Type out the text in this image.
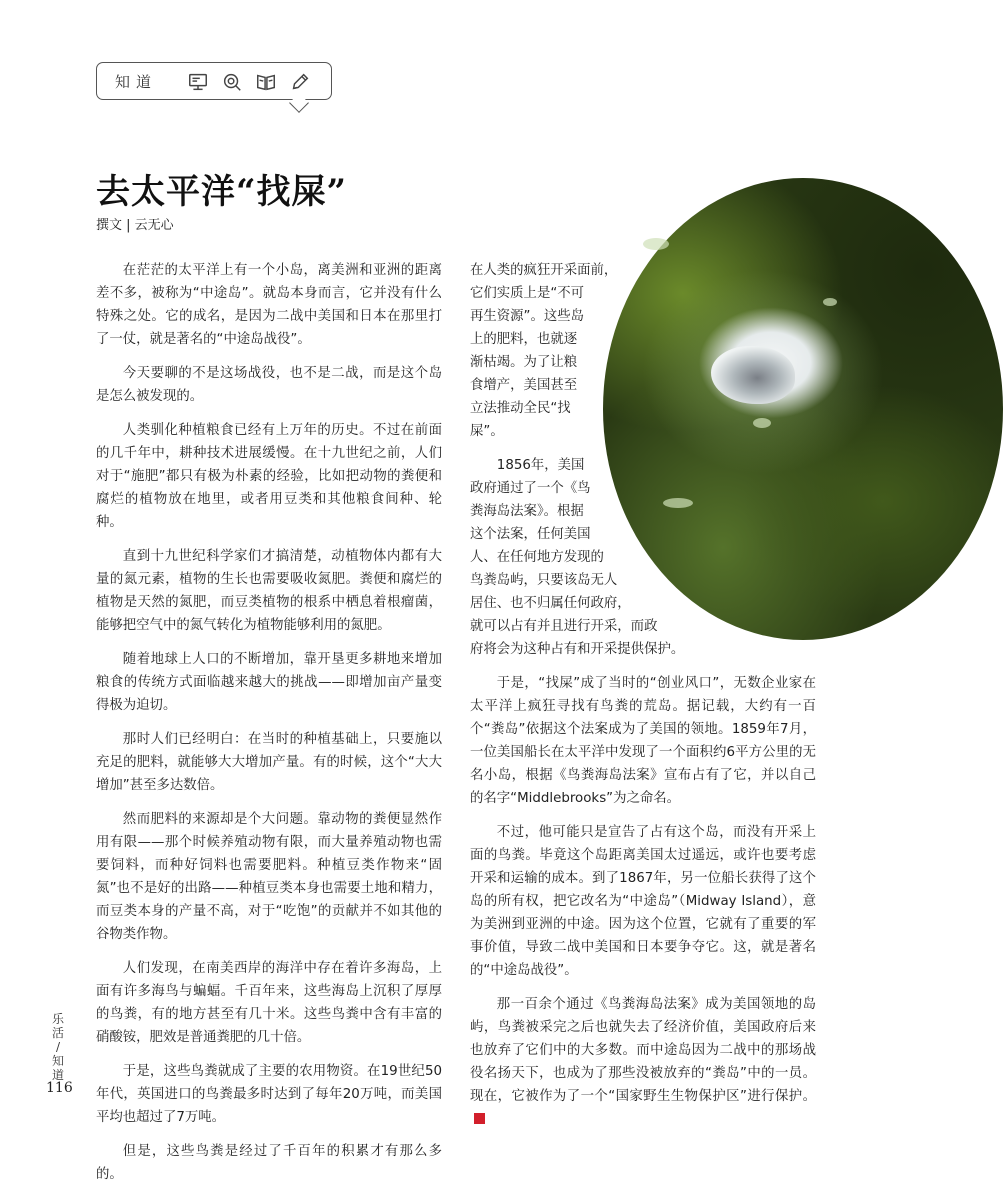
知道
去太平洋“找屎”
撰文 | 云无心

在茫茫的太平洋上有一个小岛，离美洲和亚洲的距离差不多，被称为“中途岛”。就岛本身而言，它并没有什么特殊之处。它的成名，是因为二战中美国和日本在那里打了一仗，就是著名的“中途岛战役”。

今天要聊的不是这场战役，也不是二战，而是这个岛是怎么被发现的。

人类驯化种植粮食已经有上万年的历史。不过在前面的几千年中，耕种技术进展缓慢。在十九世纪之前，人们对于“施肥”都只有极为朴素的经验，比如把动物的粪便和腐烂的植物放在地里，或者用豆类和其他粮食间种、轮种。

直到十九世纪科学家们才搞清楚，动植物体内都有大量的氮元素，植物的生长也需要吸收氮肥。粪便和腐烂的植物是天然的氮肥，而豆类植物的根系中栖息着根瘤菌，能够把空气中的氮气转化为植物能够利用的氮肥。

随着地球上人口的不断增加，靠开垦更多耕地来增加粮食的传统方式面临越来越大的挑战——即增加亩产量变得极为迫切。

那时人们已经明白：在当时的种植基础上，只要施以充足的肥料，就能够大大增加产量。有的时候，这个“大大增加”甚至多达数倍。

然而肥料的来源却是个大问题。靠动物的粪便显然作用有限——那个时候养殖动物有限，而大量养殖动物也需要饲料，而种好饲料也需要肥料。种植豆类作物来“固氮”也不是好的出路——种植豆类本身也需要土地和精力，而豆类本身的产量不高，对于“吃饱”的贡献并不如其他的谷物类作物。

人们发现，在南美西岸的海洋中存在着许多海岛，上面有许多海鸟与蝙蝠。千百年来，这些海岛上沉积了厚厚的鸟粪，有的地方甚至有几十米。这些鸟粪中含有丰富的硝酸铵，肥效是普通粪肥的几十倍。

于是，这些鸟粪就成了主要的农用物资。在19世纪50年代，英国进口的鸟粪最多时达到了每年20万吨，而美国平均也超过了7万吨。

但是，这些鸟粪是经过了千百年的积累才有那么多的。

在人类的疯狂开采面前，
它们实质上是“不可
再生资源”。这些岛
上的肥料，也就逐
渐枯竭。为了让粮
食增产，美国甚至
立法推动全民“找
屎”。
1856年，美国
政府通过了一个《鸟
粪海岛法案》。根据
这个法案，任何美国
人、在任何地方发现的
鸟粪岛屿，只要该岛无人
居住、也不归属任何政府，
就可以占有并且进行开采，而政
府将会为这种占有和开采提供保护。

于是，“找屎”成了当时的“创业风口”，无数企业家在太平洋上疯狂寻找有鸟粪的荒岛。据记载，大约有一百个“粪岛”依据这个法案成为了美国的领地。1859年7月，一位美国船长在太平洋中发现了一个面积约6平方公里的无名小岛，根据《鸟粪海岛法案》宣布占有了它，并以自己的名字“Middlebrooks”为之命名。

不过，他可能只是宣告了占有这个岛，而没有开采上面的鸟粪。毕竟这个岛距离美国太过遥远，或许也要考虑开采和运输的成本。到了1867年，另一位船长获得了这个岛的所有权，把它改名为“中途岛”（Midway Island），意为美洲到亚洲的中途。因为这个位置，它就有了重要的军事价值，导致二战中美国和日本要争夺它。这，就是著名的“中途岛战役”。

那一百余个通过《鸟粪海岛法案》成为美国领地的岛屿，鸟粪被采完之后也就失去了经济价值，美国政府后来也放弃了它们中的大多数。而中途岛因为二战中的那场战役名扬天下，也成为了那些没被放弃的“粪岛”中的一员。现在，它被作为了一个“国家野生生物保护区”进行保护。

乐
活
/
知
道
116
